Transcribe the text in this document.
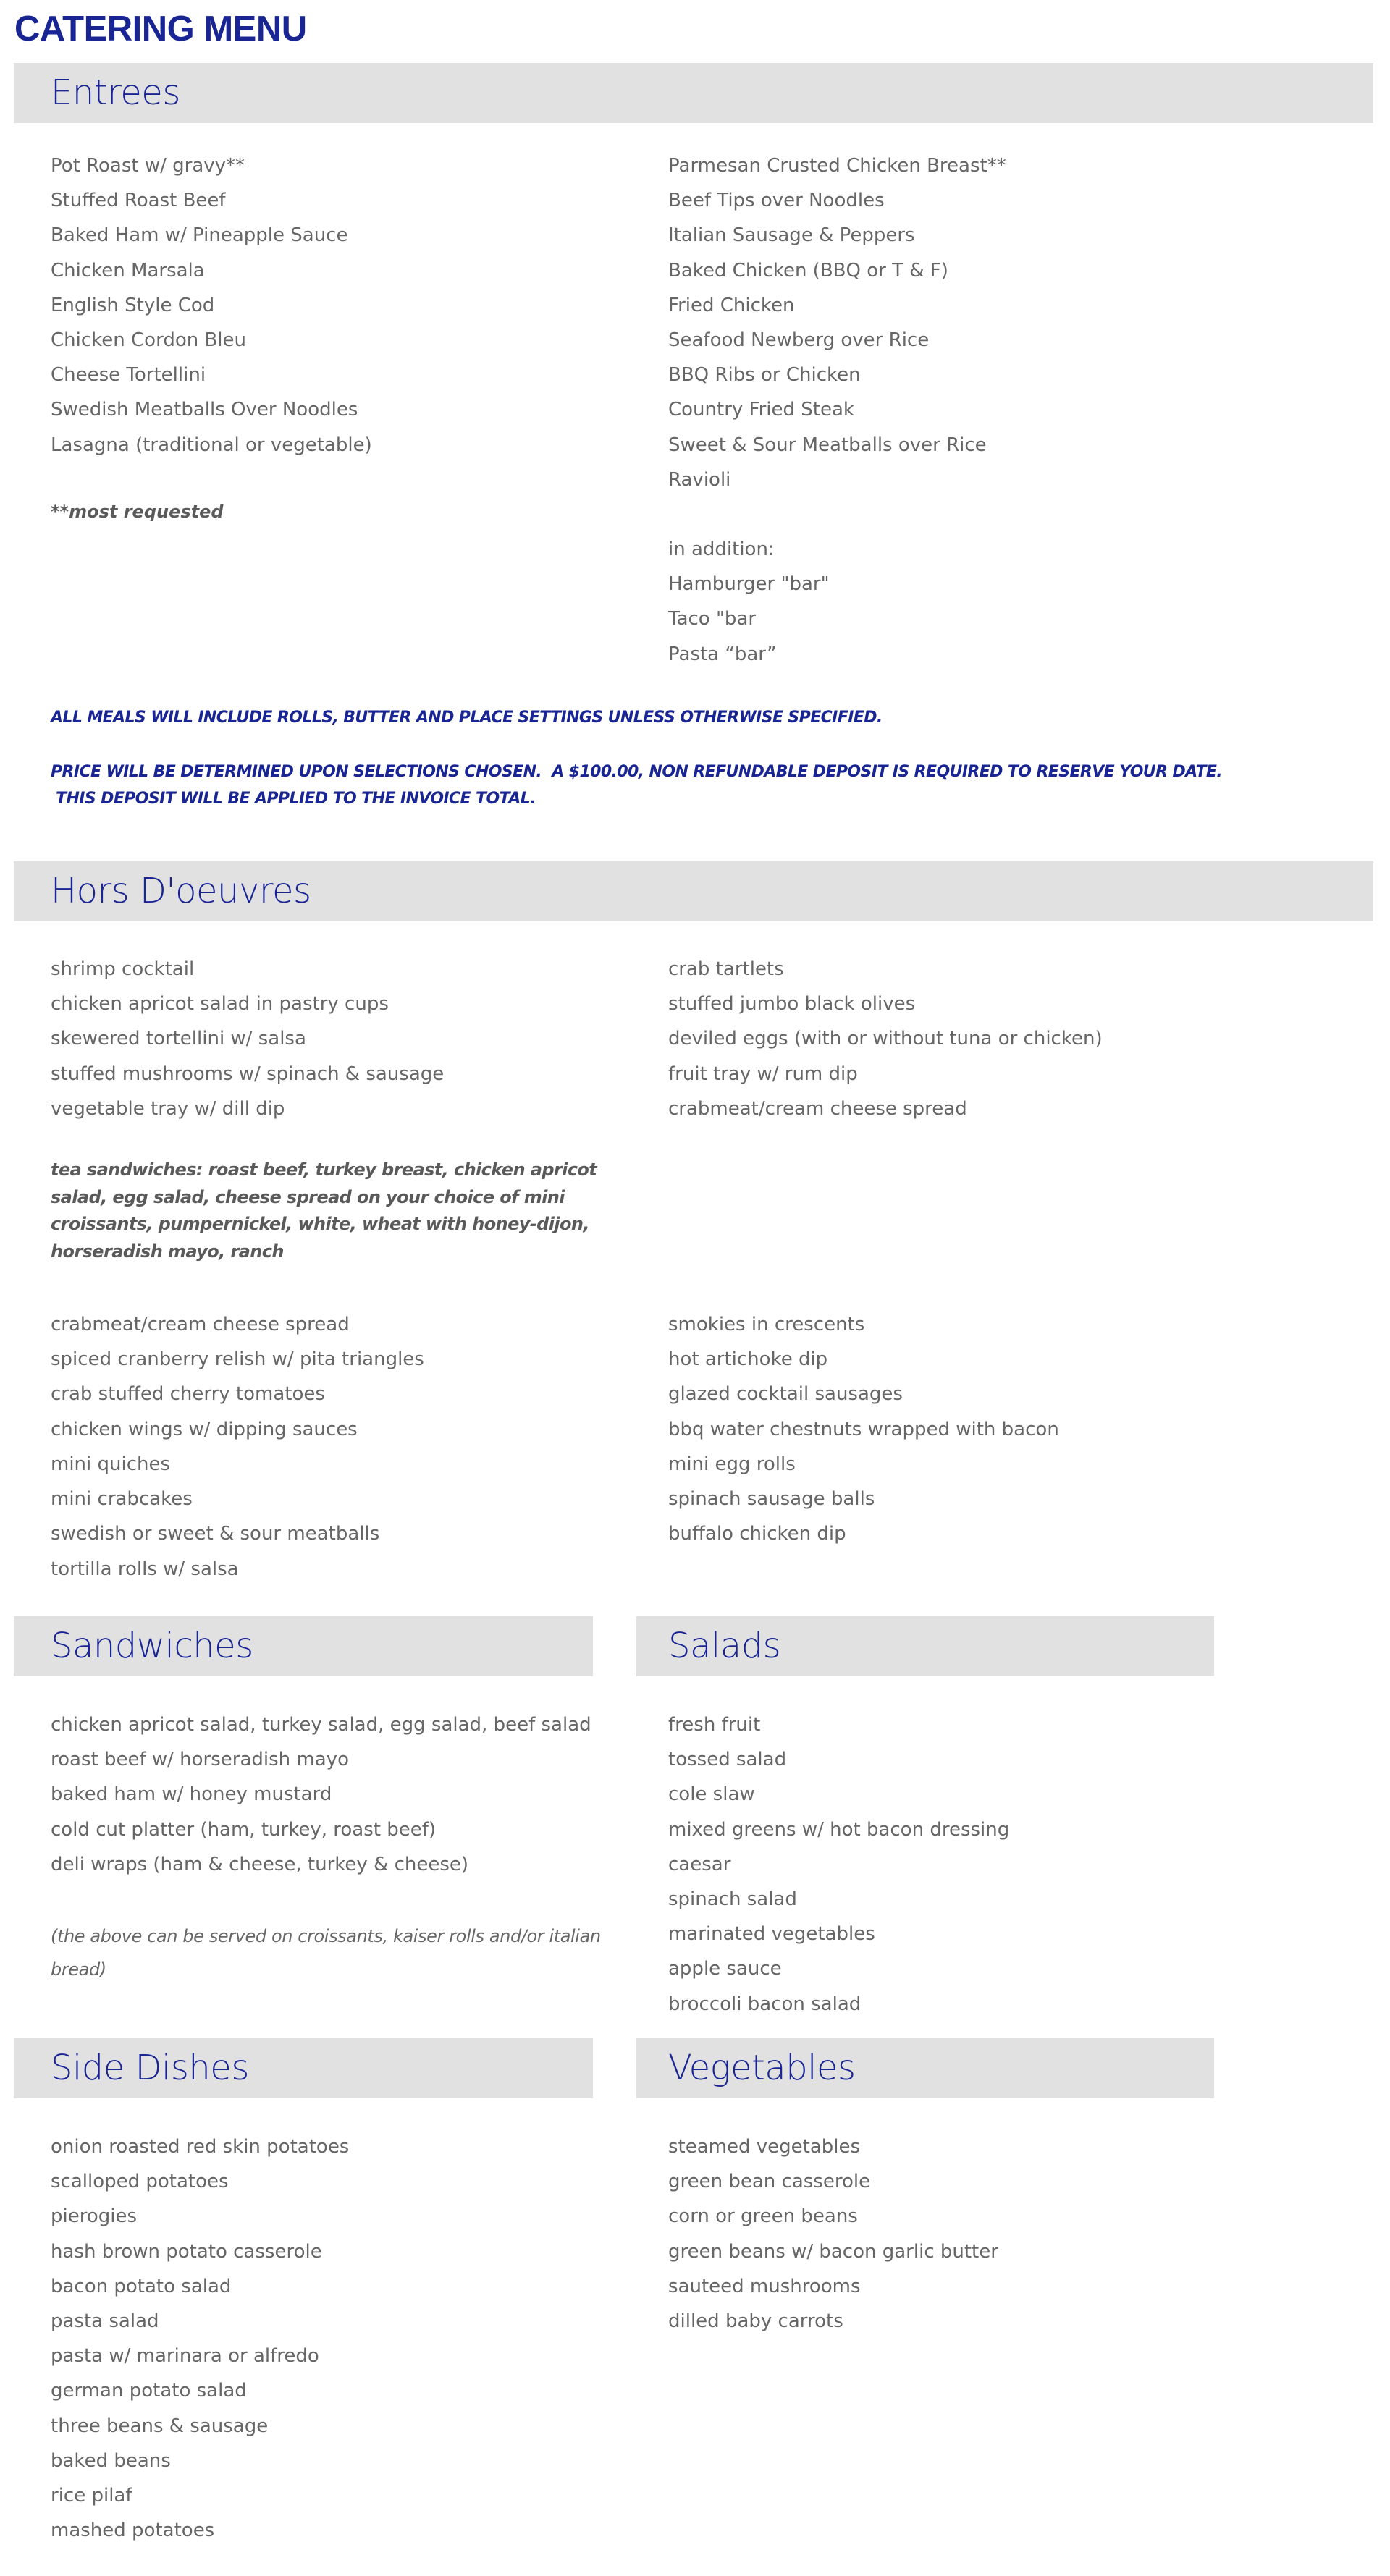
CATERING MENU
Entrees
Pot Roast w/ gravy**
Stuffed Roast Beef
Baked Ham w/ Pineapple Sauce
Chicken Marsala
English Style Cod
Chicken Cordon Bleu
Cheese Tortellini
Swedish Meatballs Over Noodles
Lasagna (traditional or vegetable)

**most requested

Parmesan Crusted Chicken Breast**
Beef Tips over Noodles
Italian Sausage & Peppers
Baked Chicken (BBQ or T & F)
Fried Chicken
Seafood Newberg over Rice
BBQ Ribs or Chicken
Country Fried Steak
Sweet & Sour Meatballs over Rice
Ravioli
in addition:
Hamburger "bar"
Taco "bar
Pasta “bar”

ALL MEALS WILL INCLUDE ROLLS, BUTTER AND PLACE SETTINGS UNLESS OTHERWISE SPECIFIED.

PRICE WILL BE DETERMINED UPON SELECTIONS CHOSEN.  A $100.00, NON REFUNDABLE DEPOSIT IS REQUIRED TO RESERVE YOUR DATE.

THIS DEPOSIT WILL BE APPLIED TO THE INVOICE TOTAL.

Hors D'oeuvres
shrimp cocktail
chicken apricot salad in pastry cups
skewered tortellini w/ salsa
stuffed mushrooms w/ spinach & sausage
vegetable tray w/ dill dip
crab tartlets
stuffed jumbo black olives
deviled eggs (with or without tuna or chicken)
fruit tray w/ rum dip
crabmeat/cream cheese spread

tea sandwiches: roast beef, turkey breast, chicken apricot salad, egg salad, cheese spread on your choice of mini croissants, pumpernickel, white, wheat with honey-dijon, horseradish mayo, ranch

crabmeat/cream cheese spread
spiced cranberry relish w/ pita triangles
crab stuffed cherry tomatoes
chicken wings w/ dipping sauces
mini quiches
mini crabcakes
swedish or sweet & sour meatballs
tortilla rolls w/ salsa
smokies in crescents
hot artichoke dip
glazed cocktail sausages
bbq water chestnuts wrapped with bacon
mini egg rolls
spinach sausage balls
buffalo chicken dip
Sandwiches
chicken apricot salad, turkey salad, egg salad, beef salad
roast beef w/ horseradish mayo
baked ham w/ honey mustard
cold cut platter (ham, turkey, roast beef)
deli wraps (ham & cheese, turkey & cheese)

(the above can be served on croissants, kaiser rolls and/or italian bread)

Salads
fresh fruit
tossed salad
cole slaw
mixed greens w/ hot bacon dressing
caesar
spinach salad
marinated vegetables
apple sauce
broccoli bacon salad
Side Dishes
onion roasted red skin potatoes
scalloped potatoes
pierogies
hash brown potato casserole
bacon potato salad
pasta salad
pasta w/ marinara or alfredo
german potato salad
three beans & sausage
baked beans
rice pilaf
mashed potatoes
Vegetables
steamed vegetables
green bean casserole
corn or green beans
green beans w/ bacon garlic butter
sauteed mushrooms
dilled baby carrots
